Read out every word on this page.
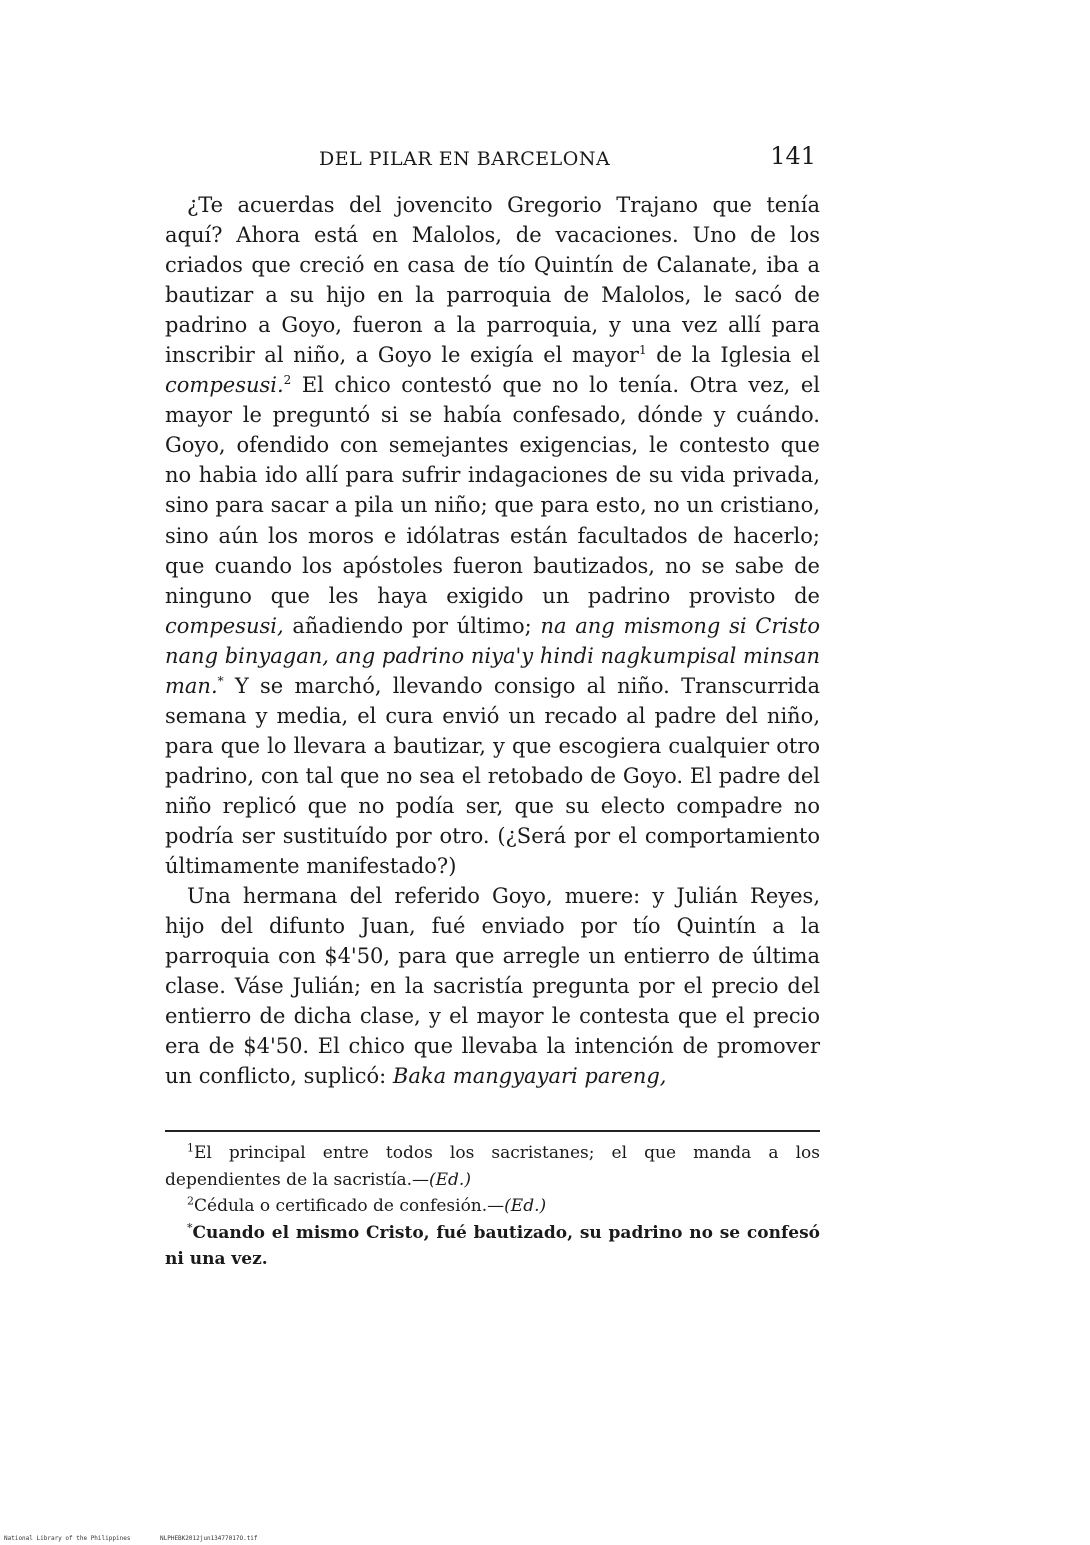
DEL PILAR EN BARCELONA	141

¿Te acuerdas del jovencito Gregorio Trajano que tenía aquí? Ahora está en Malolos, de vacaciones. Uno de los criados que creció en casa de tío Quintín de Calanate, iba a bautizar a su hijo en la parroquia de Malolos, le sacó de padrino a Goyo, fueron a la parroquia, y una vez allí para inscribir al niño, a Goyo le exigía el mayor$^1$ de la Iglesia el compesusi.$^2$ El chico contestó que no lo tenía. Otra vez, el mayor le preguntó si se había confesado, dónde y cuándo. Goyo, ofendido con semejantes exigencias, le contesto que no habia ido allí para sufrir indagaciones de su vida privada, sino para sacar a pila un niño; que para esto, no un cristiano, sino aún los moros e idólatras están facultados de hacerlo; que cuando los apóstoles fueron bautizados, no se sabe de ninguno que les haya exigido un padrino provisto de compesusi, añadiendo por último; na ang mismong si Cristo nang binyagan, ang padrino niya'y hindi nagkumpisal minsan man.* Y se marchó, llevando consigo al niño. Transcurrida semana y media, el cura envió un recado al padre del niño, para que lo llevara a bautizar, y que escogiera cualquier otro padrino, con tal que no sea el retobado de Goyo. El padre del niño replicó que no podía ser, que su electo compadre no podría ser sustituído por otro. (¿Será por el comportamiento últimamente manifestado?)

Una hermana del referido Goyo, muere: y Julián Reyes, hijo del difunto Juan, fué enviado por tío Quintín a la parroquia con $4'50, para que arregle un entierro de última clase. Váse Julián; en la sacristía pregunta por el precio del entierro de dicha clase, y el mayor le contesta que el precio era de $4'50. El chico que llevaba la intención de promover un conflicto, suplicó: Baka mangyayari pareng,

$^1$El principal entre todos los sacristanes; el que manda a los dependientes de la sacristía.—(Ed.)

$^2$Cédula o certificado de confesión.—(Ed.)

*Cuando el mismo Cristo, fué bautizado, su padrino no se confesó ni una vez.

National Library of the Philippines	NLPHEBK2012jun13477017O.tif
